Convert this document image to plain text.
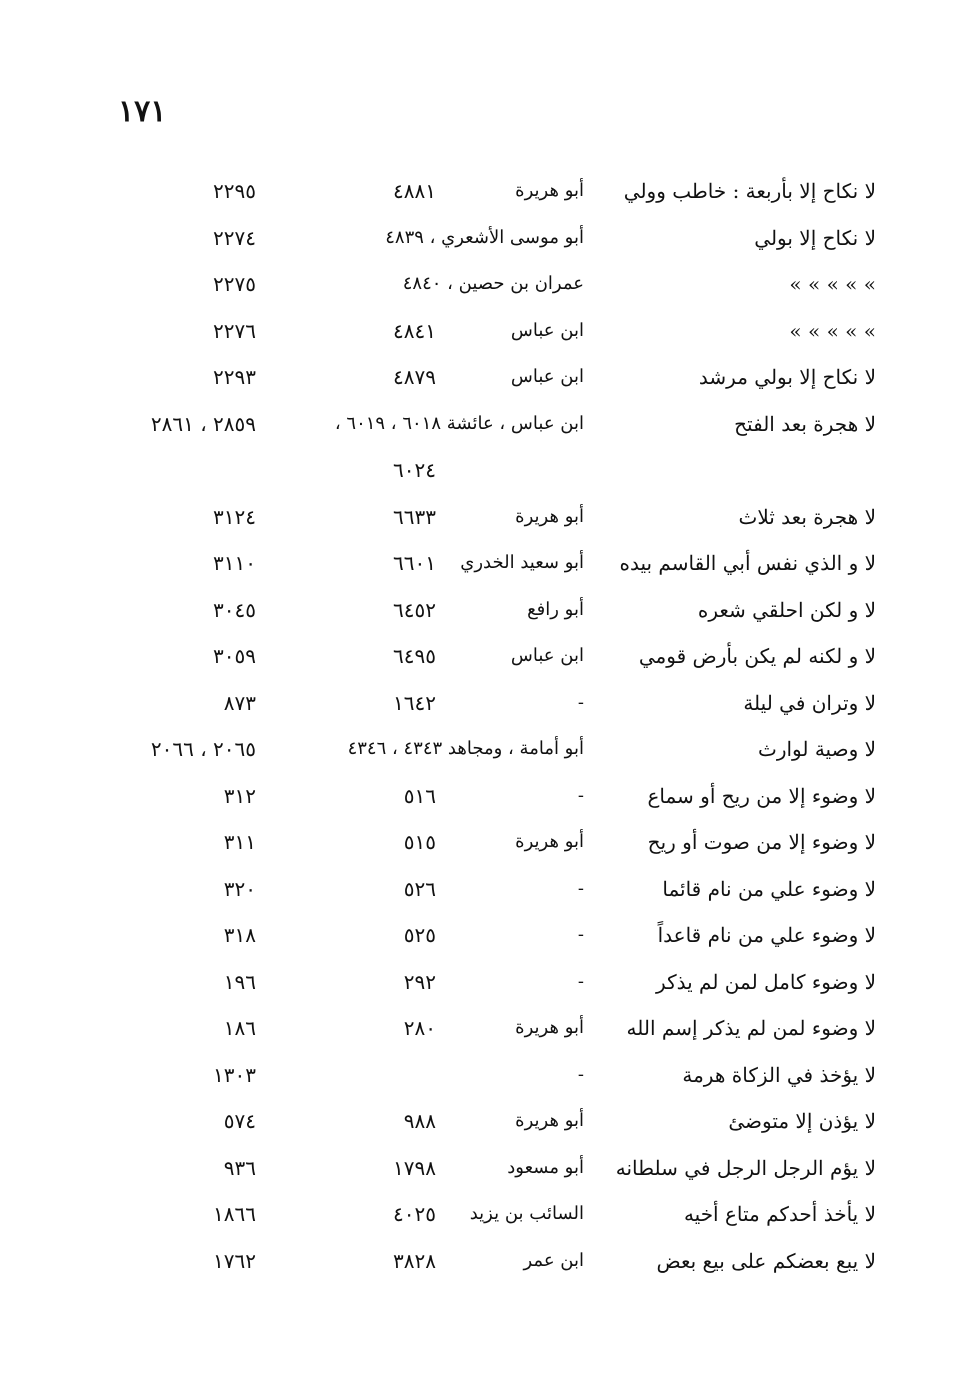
١٧١
لا نكاح إلا بأربعة : خاطب وولي
أبو هريرة
٤٨٨١
٢٢٩٥
لا نكاح إلا بولي
أبو موسى الأشعري ، ٤٨٣٩
٢٢٧٤
» » » » »
عمران بن حصين ، ٤٨٤٠
٢٢٧٥
» » » » »
ابن عباس
٤٨٤١
٢٢٧٦
لا نكاح إلا بولي مرشد
ابن عباس
٤٨٧٩
٢٢٩٣
لا هجرة بعد الفتح
ابن عباس ، عائشة ٦٠١٨ ، ٦٠١٩ ،
٢٨٥٩ ، ٢٨٦١
٦٠٢٤
لا هجرة بعد ثلاث
أبو هريرة
٦٦٣٣
٣١٢٤
لا و الذي نفس أبي القاسم بيده
أبو سعيد الخدري
٦٦٠١
٣١١٠
لا و لكن احلقي شعره
أبو رافع
٦٤٥٢
٣٠٤٥
لا و لكنه لم يكن بأرض قومي
ابن عباس
٦٤٩٥
٣٠٥٩
لا وتران في ليلة
-
١٦٤٢
٨٧٣
لا وصية لوارث
أبو أمامة ، ومجاهد ٤٣٤٣ ، ٤٣٤٦
٢٠٦٥ ، ٢٠٦٦
لا وضوء إلا من ريح أو سماع
-
٥١٦
٣١٢
لا وضوء إلا من صوت أو ريح
أبو هريرة
٥١٥
٣١١
لا وضوء علي من نام قائما
-
٥٢٦
٣٢٠
لا وضوء علي من نام قاعداً
-
٥٢٥
٣١٨
لا وضوء كامل لمن لم يذكر
-
٢٩٢
١٩٦
لا وضوء لمن لم يذكر إسم الله
أبو هريرة
٢٨٠
١٨٦
لا يؤخذ في الزكاة هرمة
-
١٣٠٣
لا يؤذن إلا متوضئ
أبو هريرة
٩٨٨
٥٧٤
لا يؤم الرجل الرجل في سلطانه
أبو مسعود
١٧٩٨
٩٣٦
لا يأخذ أحدكم متاع أخيه
السائب بن يزيد
٤٠٢٥
١٨٦٦
لا يبع بعضكم على بيع بعض
ابن عمر
٣٨٢٨
١٧٦٢
